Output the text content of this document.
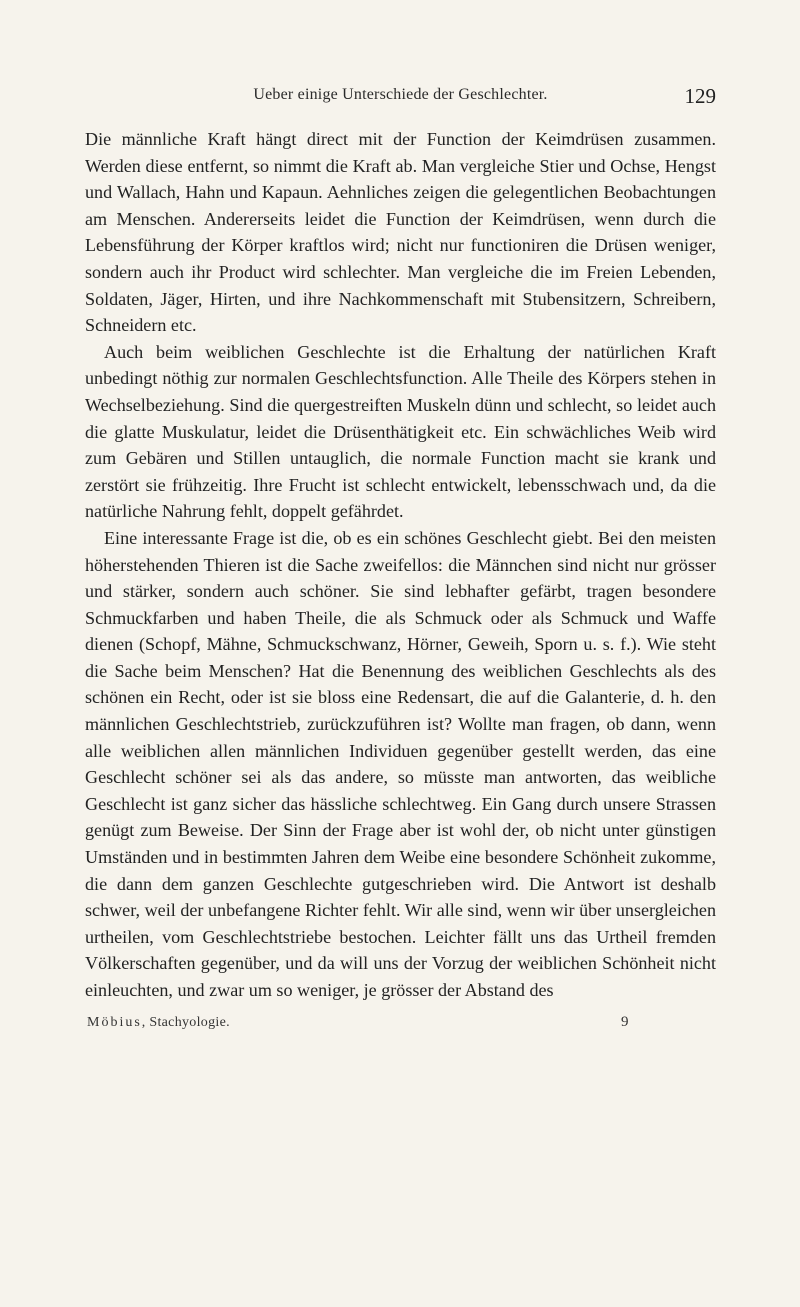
Ueber einige Unterschiede der Geschlechter.	129

Die männliche Kraft hängt direct mit der Function der Keimdrüsen zusammen. Werden diese entfernt, so nimmt die Kraft ab. Man vergleiche Stier und Ochse, Hengst und Wallach, Hahn und Kapaun. Aehnliches zeigen die gelegentlichen Beobachtungen am Menschen. Andererseits leidet die Function der Keimdrüsen, wenn durch die Lebensführung der Körper kraftlos wird; nicht nur functioniren die Drüsen weniger, sondern auch ihr Product wird schlechter. Man vergleiche die im Freien Lebenden, Soldaten, Jäger, Hirten, und ihre Nachkommenschaft mit Stubensitzern, Schreibern, Schneidern etc.

Auch beim weiblichen Geschlechte ist die Erhaltung der natürlichen Kraft unbedingt nöthig zur normalen Geschlechtsfunction. Alle Theile des Körpers stehen in Wechselbeziehung. Sind die quergestreiften Muskeln dünn und schlecht, so leidet auch die glatte Muskulatur, leidet die Drüsenthätigkeit etc. Ein schwächliches Weib wird zum Gebären und Stillen untauglich, die normale Function macht sie krank und zerstört sie frühzeitig. Ihre Frucht ist schlecht entwickelt, lebensschwach und, da die natürliche Nahrung fehlt, doppelt gefährdet.

Eine interessante Frage ist die, ob es ein schönes Geschlecht giebt. Bei den meisten höherstehenden Thieren ist die Sache zweifellos: die Männchen sind nicht nur grösser und stärker, sondern auch schöner. Sie sind lebhafter gefärbt, tragen besondere Schmuckfarben und haben Theile, die als Schmuck oder als Schmuck und Waffe dienen (Schopf, Mähne, Schmuckschwanz, Hörner, Geweih, Sporn u. s. f.). Wie steht die Sache beim Menschen? Hat die Benennung des weiblichen Geschlechts als des schönen ein Recht, oder ist sie bloss eine Redensart, die auf die Galanterie, d. h. den männlichen Geschlechtstrieb, zurückzuführen ist? Wollte man fragen, ob dann, wenn alle weiblichen allen männlichen Individuen gegenüber gestellt werden, das eine Geschlecht schöner sei als das andere, so müsste man antworten, das weibliche Geschlecht ist ganz sicher das hässliche schlechtweg. Ein Gang durch unsere Strassen genügt zum Beweise. Der Sinn der Frage aber ist wohl der, ob nicht unter günstigen Umständen und in bestimmten Jahren dem Weibe eine besondere Schönheit zukomme, die dann dem ganzen Geschlechte gutgeschrieben wird. Die Antwort ist deshalb schwer, weil der unbefangene Richter fehlt. Wir alle sind, wenn wir über unsergleichen urtheilen, vom Geschlechtstriebe bestochen. Leichter fällt uns das Urtheil fremden Völkerschaften gegenüber, und da will uns der Vorzug der weiblichen Schönheit nicht einleuchten, und zwar um so weniger, je grösser der Abstand des

Möbius, Stachyologie.	9
